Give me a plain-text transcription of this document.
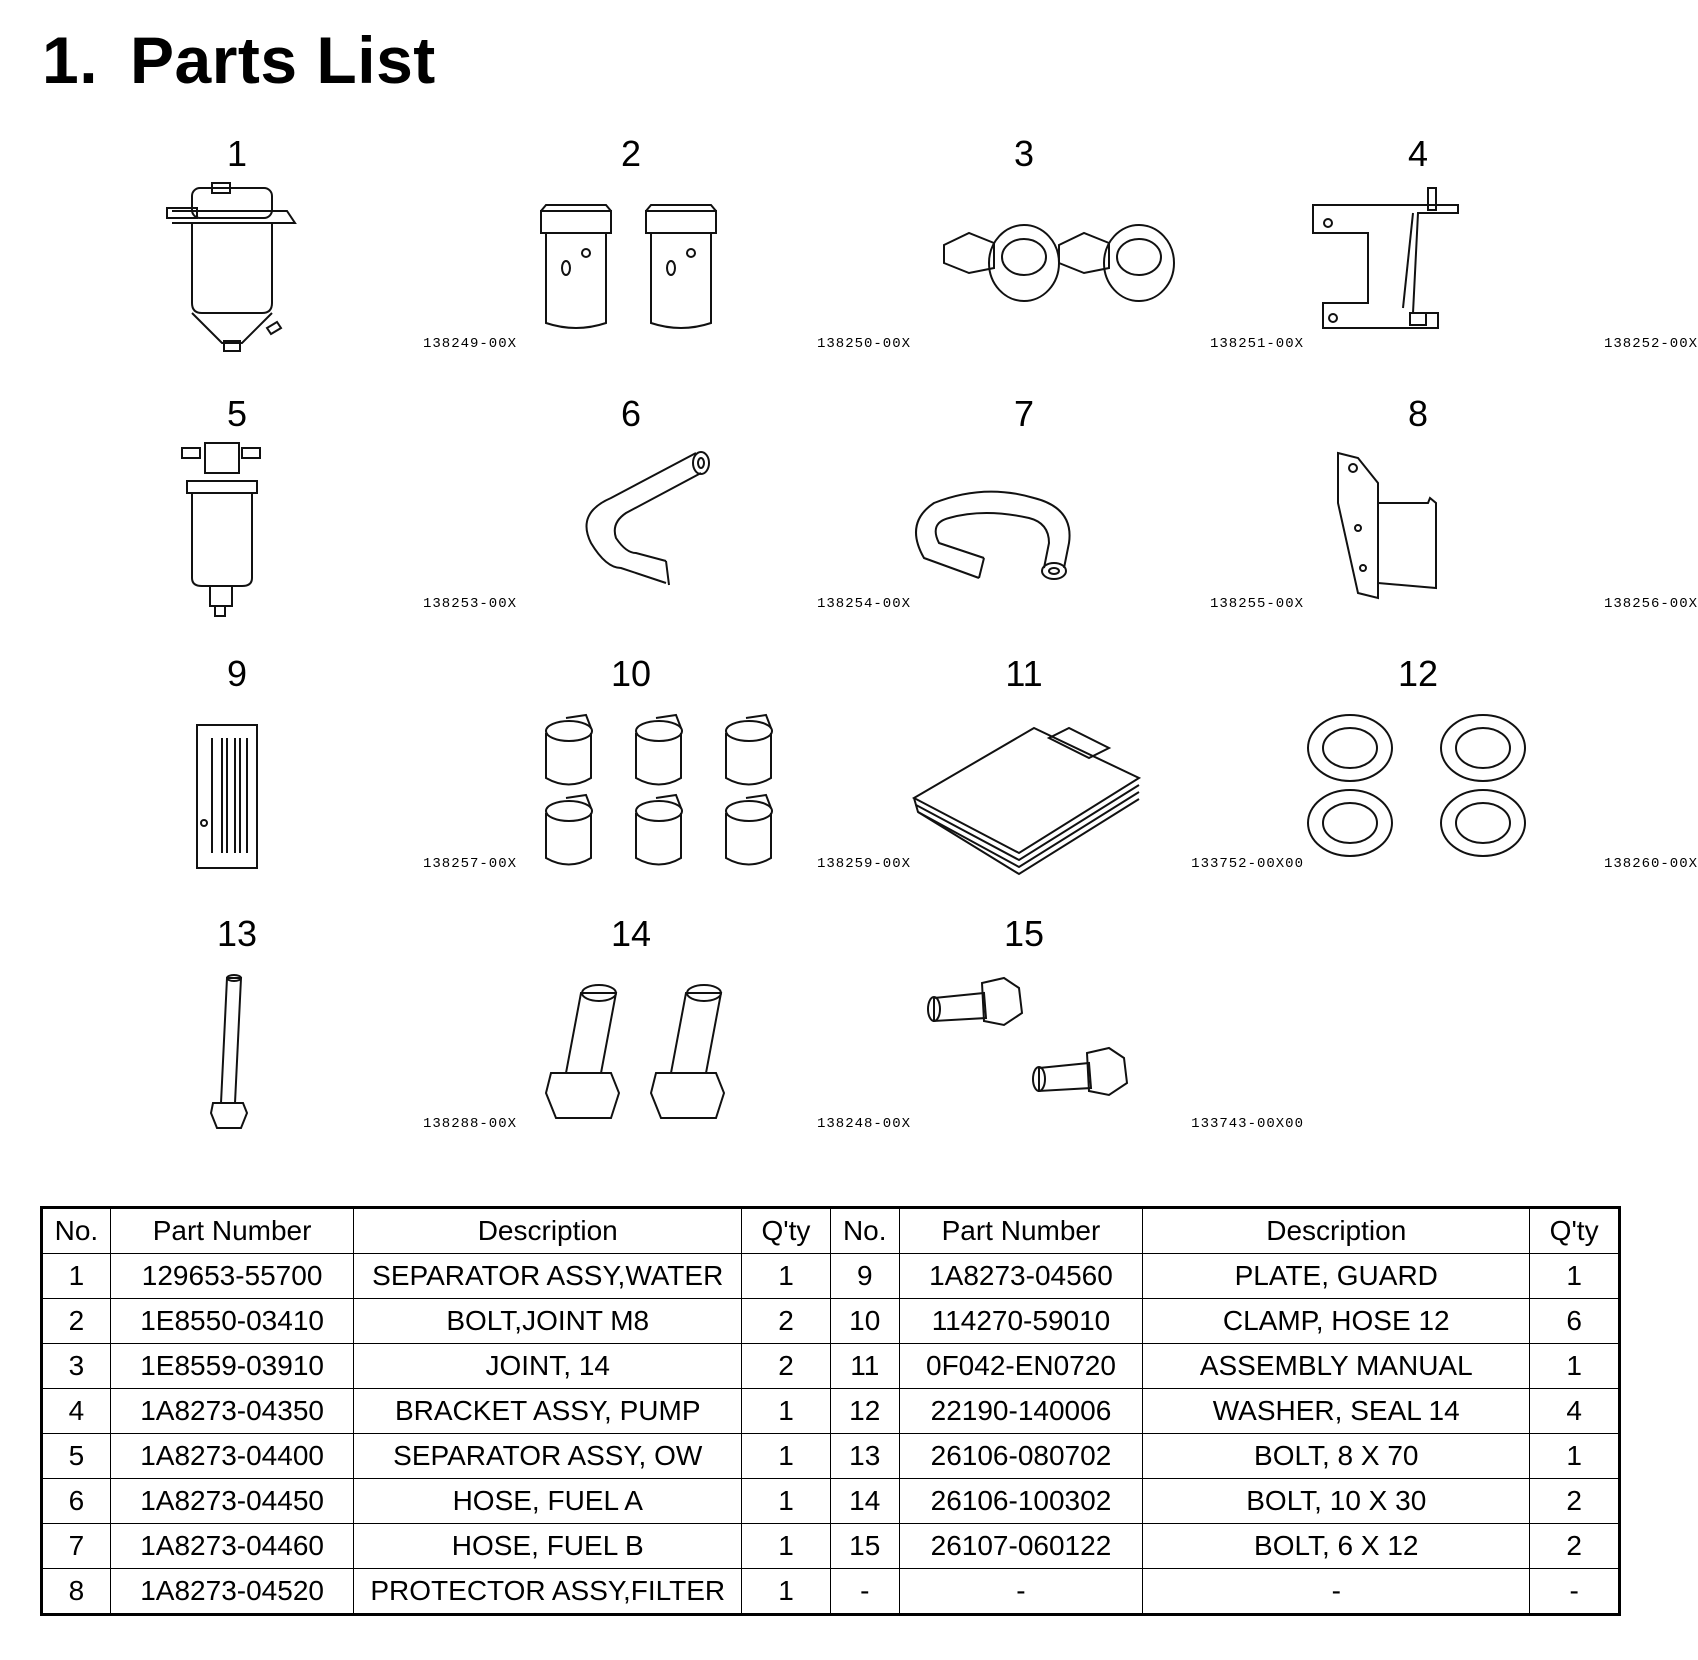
1. Parts List
1
138249-00X
2
138250-00X
3
138251-00X
4
138252-00X
5
138253-00X
6
138254-00X
7
138255-00X
8
138256-00X
9
138257-00X
10
138259-00X
11
133752-00X00
12
138260-00X
13
138288-00X
14
138248-00X
15
133743-00X00
No.	Part Number	Description	Q'ty	No.	Part Number	Description	Q'ty
1	129653-55700	SEPARATOR ASSY,WATER	1	9	1A8273-04560	PLATE, GUARD	1
2	1E8550-03410	BOLT,JOINT M8	2	10	114270-59010	CLAMP, HOSE 12	6
3	1E8559-03910	JOINT, 14	2	11	0F042-EN0720	ASSEMBLY MANUAL	1
4	1A8273-04350	BRACKET ASSY, PUMP	1	12	22190-140006	WASHER, SEAL 14	4
5	1A8273-04400	SEPARATOR ASSY, OW	1	13	26106-080702	BOLT, 8 X 70	1
6	1A8273-04450	HOSE, FUEL A	1	14	26106-100302	BOLT, 10 X 30	2
7	1A8273-04460	HOSE, FUEL B	1	15	26107-060122	BOLT, 6 X 12	2
8	1A8273-04520	PROTECTOR ASSY,FILTER	1	-	-	-	-
